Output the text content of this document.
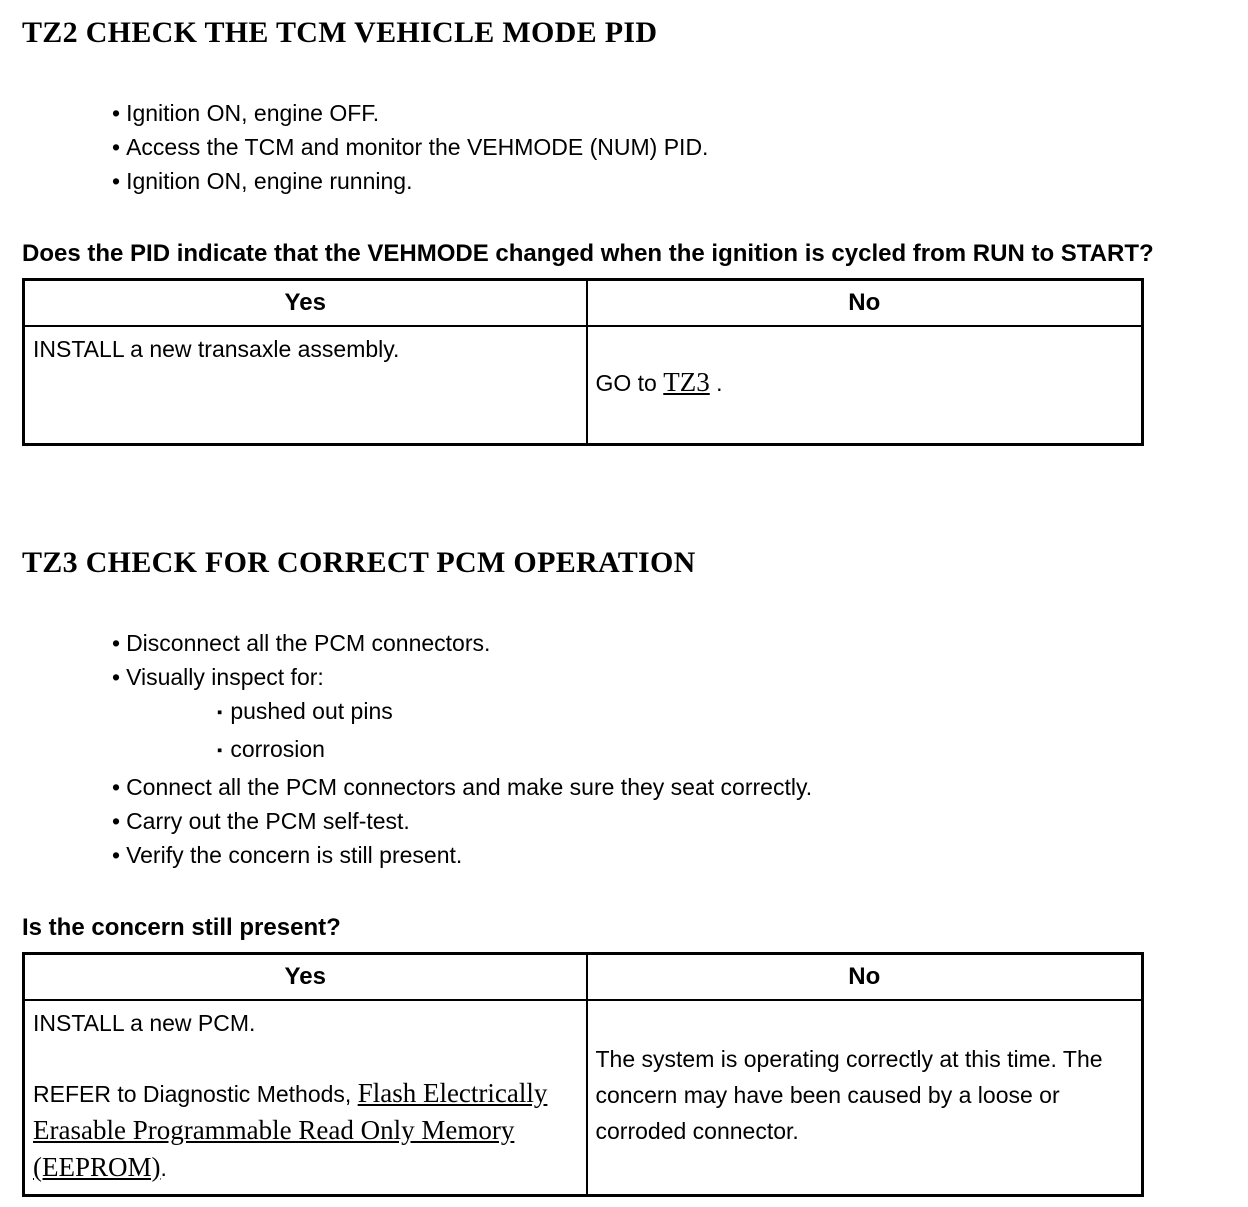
TZ2 CHECK THE TCM VEHICLE MODE PID
• Ignition ON, engine OFF.
• Access the TCM and monitor the VEHMODE (NUM) PID.
• Ignition ON, engine running.

Does the PID indicate that the VEHMODE changed when the ignition is cycled from RUN to START?

Yes	No
INSTALL a new transaxle assembly.	GO to TZ3 .
TZ3 CHECK FOR CORRECT PCM OPERATION
• Disconnect all the PCM connectors.
• Visually inspect for:
▪ pushed out pins
▪ corrosion
• Connect all the PCM connectors and make sure they seat correctly.
• Carry out the PCM self-test.
• Verify the concern is still present.

Is the concern still present?

Yes	No

INSTALL a new PCM.

REFER to Diagnostic Methods, Flash Electrically Erasable Programmable Read Only Memory (EEPROM).	The system is operating correctly at this time. The concern may have been caused by a loose or corroded connector.
